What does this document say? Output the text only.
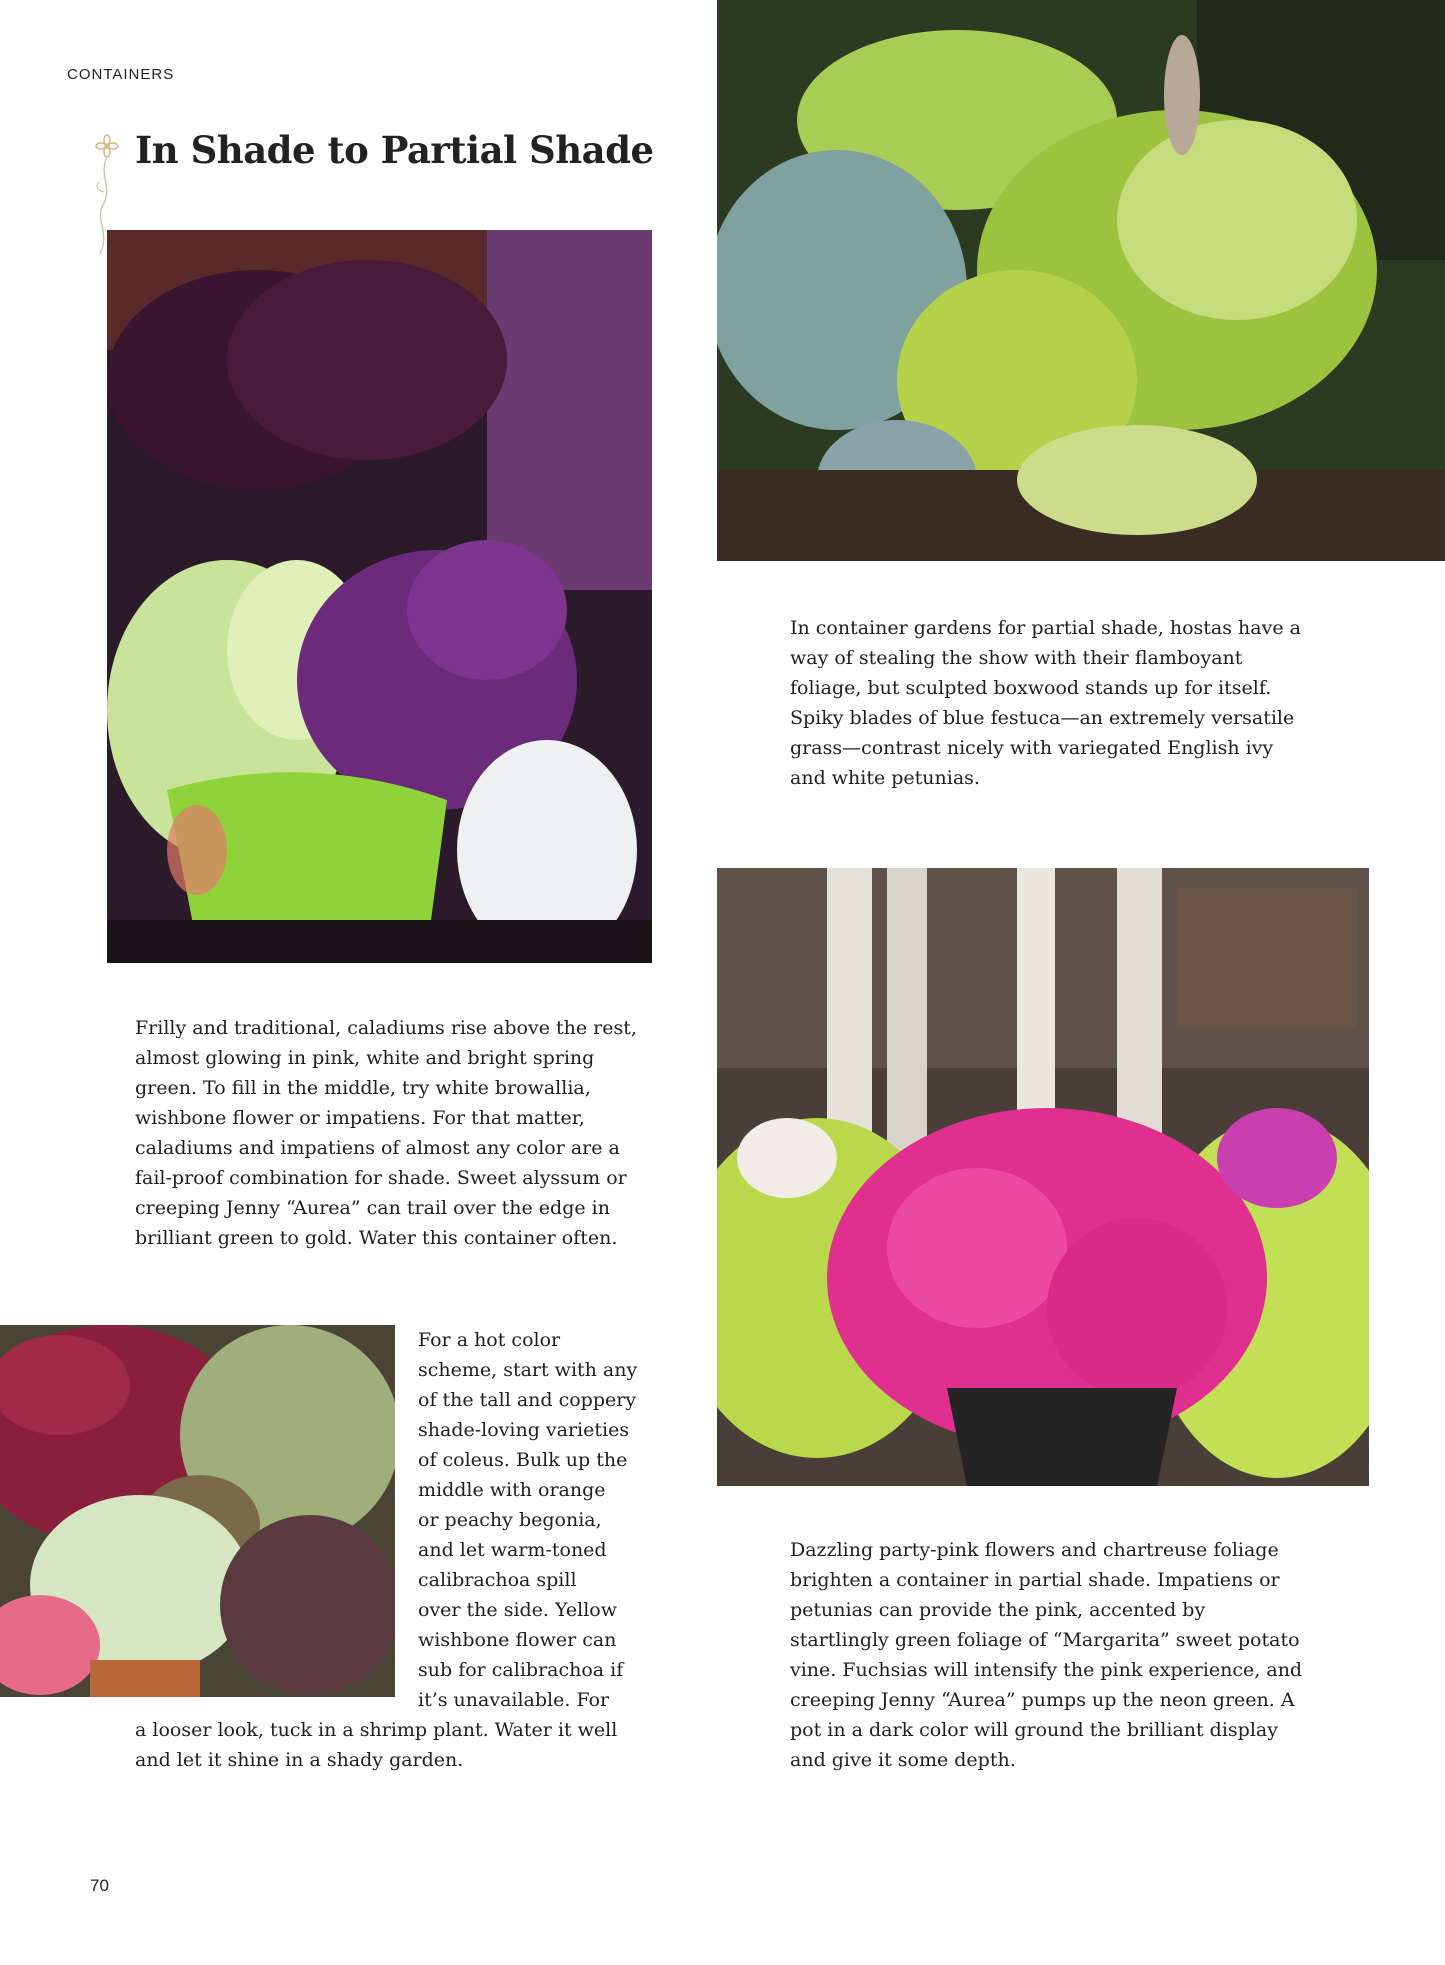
CONTAINERS
In Shade to Partial Shade

Frilly and traditional, caladiums rise above the rest, almost glowing in pink, white and bright spring green. To fill in the middle, try white browallia, wishbone flower or impatiens. For that matter, caladiums and impatiens of almost any color are a fail-proof combination for shade. Sweet alyssum or creeping Jenny “Aurea” can trail over the edge in brilliant green to gold. Water this container often.

In container gardens for partial shade, hostas have a way of stealing the show with their flamboyant foliage, but sculpted boxwood stands up for itself. Spiky blades of blue festuca—an extremely versatile grass—contrast nicely with variegated English ivy and white petunias.

For a hot color
scheme, start with any
of the tall and coppery
shade-loving varieties
of coleus. Bulk up the
middle with orange
or peachy begonia,
and let warm-toned
calibrachoa spill
over the side. Yellow
wishbone flower can
sub for calibrachoa if
it’s unavailable. For

a looser look, tuck in a shrimp plant. Water it well and let it shine in a shady garden.

Dazzling party-pink flowers and chartreuse foliage brighten a container in partial shade. Impatiens or petunias can provide the pink, accented by startlingly green foliage of “Margarita” sweet potato vine. Fuchsias will intensify the pink experience, and creeping Jenny “Aurea” pumps up the neon green. A pot in a dark color will ground the brilliant display and give it some depth.

70
